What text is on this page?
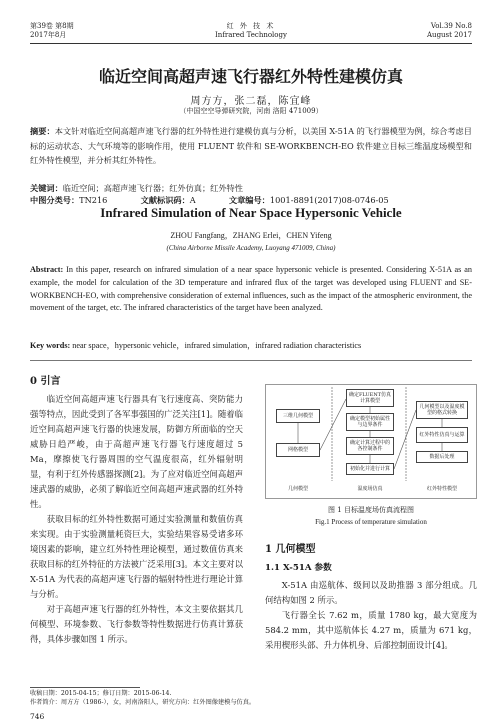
第39卷 第8期
2017年8月
红 外 技 术
Infrared Technology
Vol.39 No.8
August 2017
临近空间高超声速飞行器红外特性建模仿真
周方方，张二磊，陈宜峰
（中国空空导弹研究院，河南 洛阳 471009）
摘要：本文针对临近空间高超声速飞行器的红外特性进行建模仿真与分析，以美国 X-51A 的飞行器模型为例，综合考虑目标的运动状态、大气环境等的影响作用，使用 FLUENT 软件和 SE-WORKBENCH-EO 软件建立目标三维温度场模型和红外特性模型，并分析其红外特性。
关键词：临近空间；高超声速飞行器；红外仿真；红外特性
中图分类号：TN216	文献标识码：A	文章编号：1001-8891(2017)08-0746-05
Infrared Simulation of Near Space Hypersonic Vehicle
ZHOU Fangfang，ZHANG Erlei，CHEN Yifeng
(China Airborne Missile Academy, Luoyang 471009, China)
Abstract: In this paper, research on infrared simulation of a near space hypersonic vehicle is presented. Considering X-51A as an example, the model for calculation of the 3D temperature and infrared flux of the target was developed using FLUENT and SE-WORKBENCH-EO, with comprehensive consideration of external influences, such as the impact of the atmospheric environment, the movement of the target, etc. The infrared characteristics of the target have been analyzed.
Key words: near space，hypersonic vehicle，infrared simulation，infrared radiation characteristics
0 引言

临近空间高超声速飞行器具有飞行速度高、突防能力强等特点，因此受到了各军事强国的广泛关注[1]。随着临近空间高超声速飞行器的快速发展，防御方所面临的空天威胁日趋严峻，由于高超声速飞行器飞行速度超过 5 Ma，摩擦使飞行器周围的空气温度很高，红外辐射明显，有利于红外传感器探测[2]。为了应对临近空间高超声速武器的威胁，必须了解临近空间高超声速武器的红外特性。

获取目标的红外特性数据可通过实验测量和数值仿真来实现。由于实验测量耗资巨大，实验结果容易受诸多环境因素的影响，建立红外特性理论模型，通过数值仿真来获取目标的红外特征的方法被广泛采用[3]。本文主要对以 X-51A 为代表的高超声速飞行器的辐射特性进行理论计算与分析。

对于高超声速飞行器的红外特性，本文主要依据其几何模型、环境参数、飞行参数等特性数据进行仿真计算获得，具体步骤如图 1 所示。

三维几何模型
网格模型
确定FLUENT仿真计算模型
确定模型初始属性与边界条件
确定计算过程中的各控制条件
初始化并进行计算
几何模型以及温度模型的格式转换
红外特性仿真与运算
数据后处理
几何模型	温度场仿真	红外特性模型
图 1 目标温度场仿真流程图
Fig.1 Process of temperature simulation
1 几何模型
1.1 X-51A 参数

X-51A 由巡航体、级间以及助推器 3 部分组成。几何结构如图 2 所示。

飞行器全长 7.62 m，质量 1780 kg，最大宽度为 584.2 mm，其中巡航体长 4.27 m，质量为 671 kg，采用楔形头部、升力体机身、后部控制面设计[4]。

收稿日期：2015-04-15；修订日期：2015-06-14.
作者简介：周方方（1986-），女，河南洛阳人，研究方向：红外图像建模与仿真。
746
